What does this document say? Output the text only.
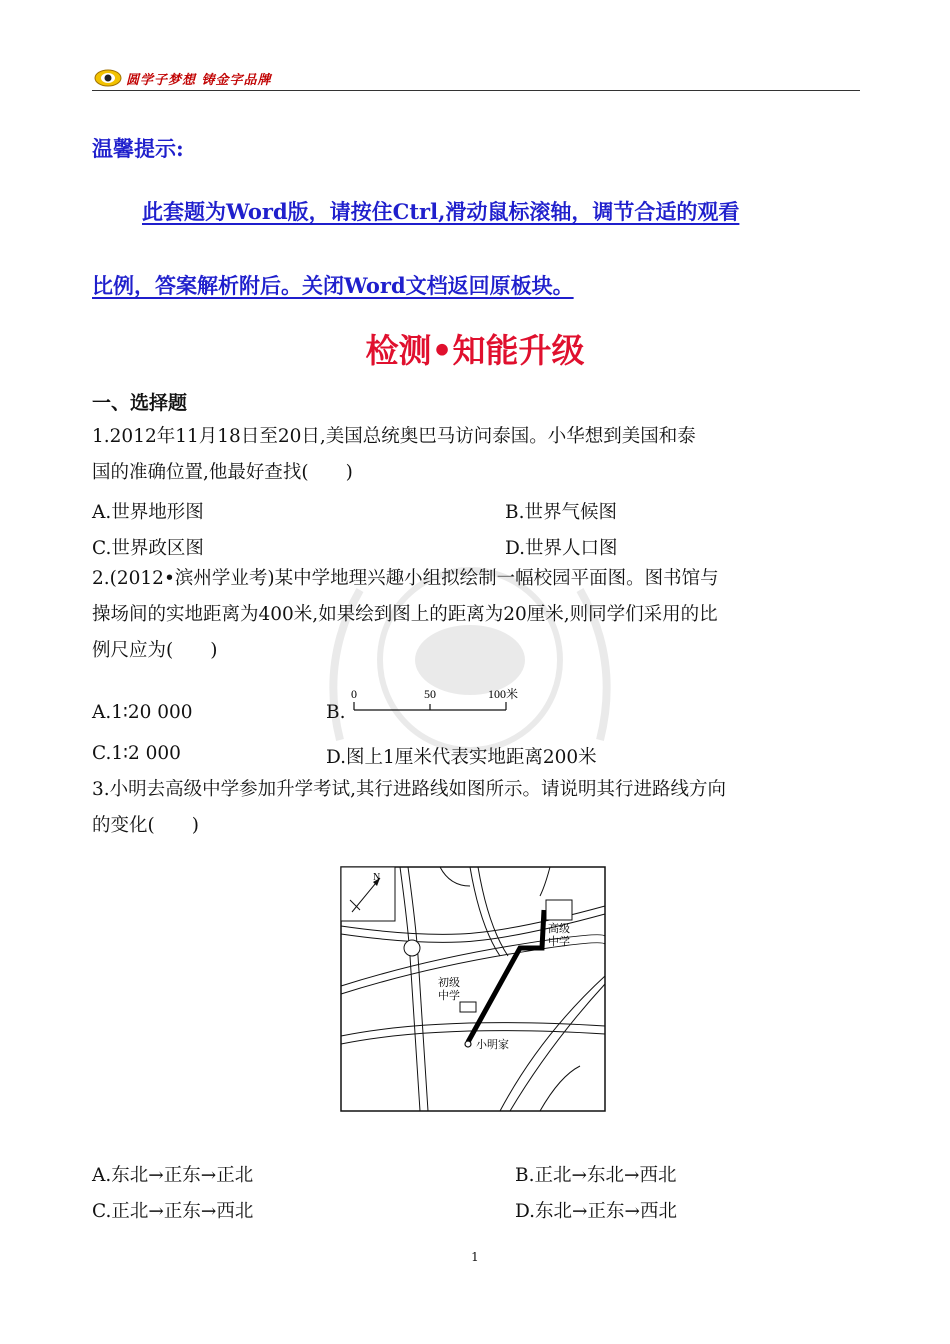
圆学子梦想 铸金字品牌
温馨提示:
此套题为Word版，请按住Ctrl,滑动鼠标滚轴，调节合适的观看
比例，答案解析附后。关闭Word文档返回原板块。
检测•知能升级
一、选择题
1.2012年11月18日至20日,美国总统奥巴马访问泰国。小华想到美国和泰
国的准确位置,他最好查找(　　)
A.世界地形图	B.世界气候图
C.世界政区图	D.世界人口图
2.(2012•滨州学业考)某中学地理兴趣小组拟绘制一幅校园平面图。图书馆与
操场间的实地距离为400米,如果绘到图上的距离为20厘米,则同学们采用的比
例尺应为(　　)
A.1∶20 000	B.
0	50	100米
C.1∶2 000	D.图上1厘米代表实地距离200米
3.小明去高级中学参加升学考试,其行进路线如图所示。请说明其行进路线方向
的变化(　　)
N
高级
中学
初级
中学
小明家
A.东北→正东→正北	B.正北→东北→西北
C.正北→正东→西北	D.东北→正东→西北
1
